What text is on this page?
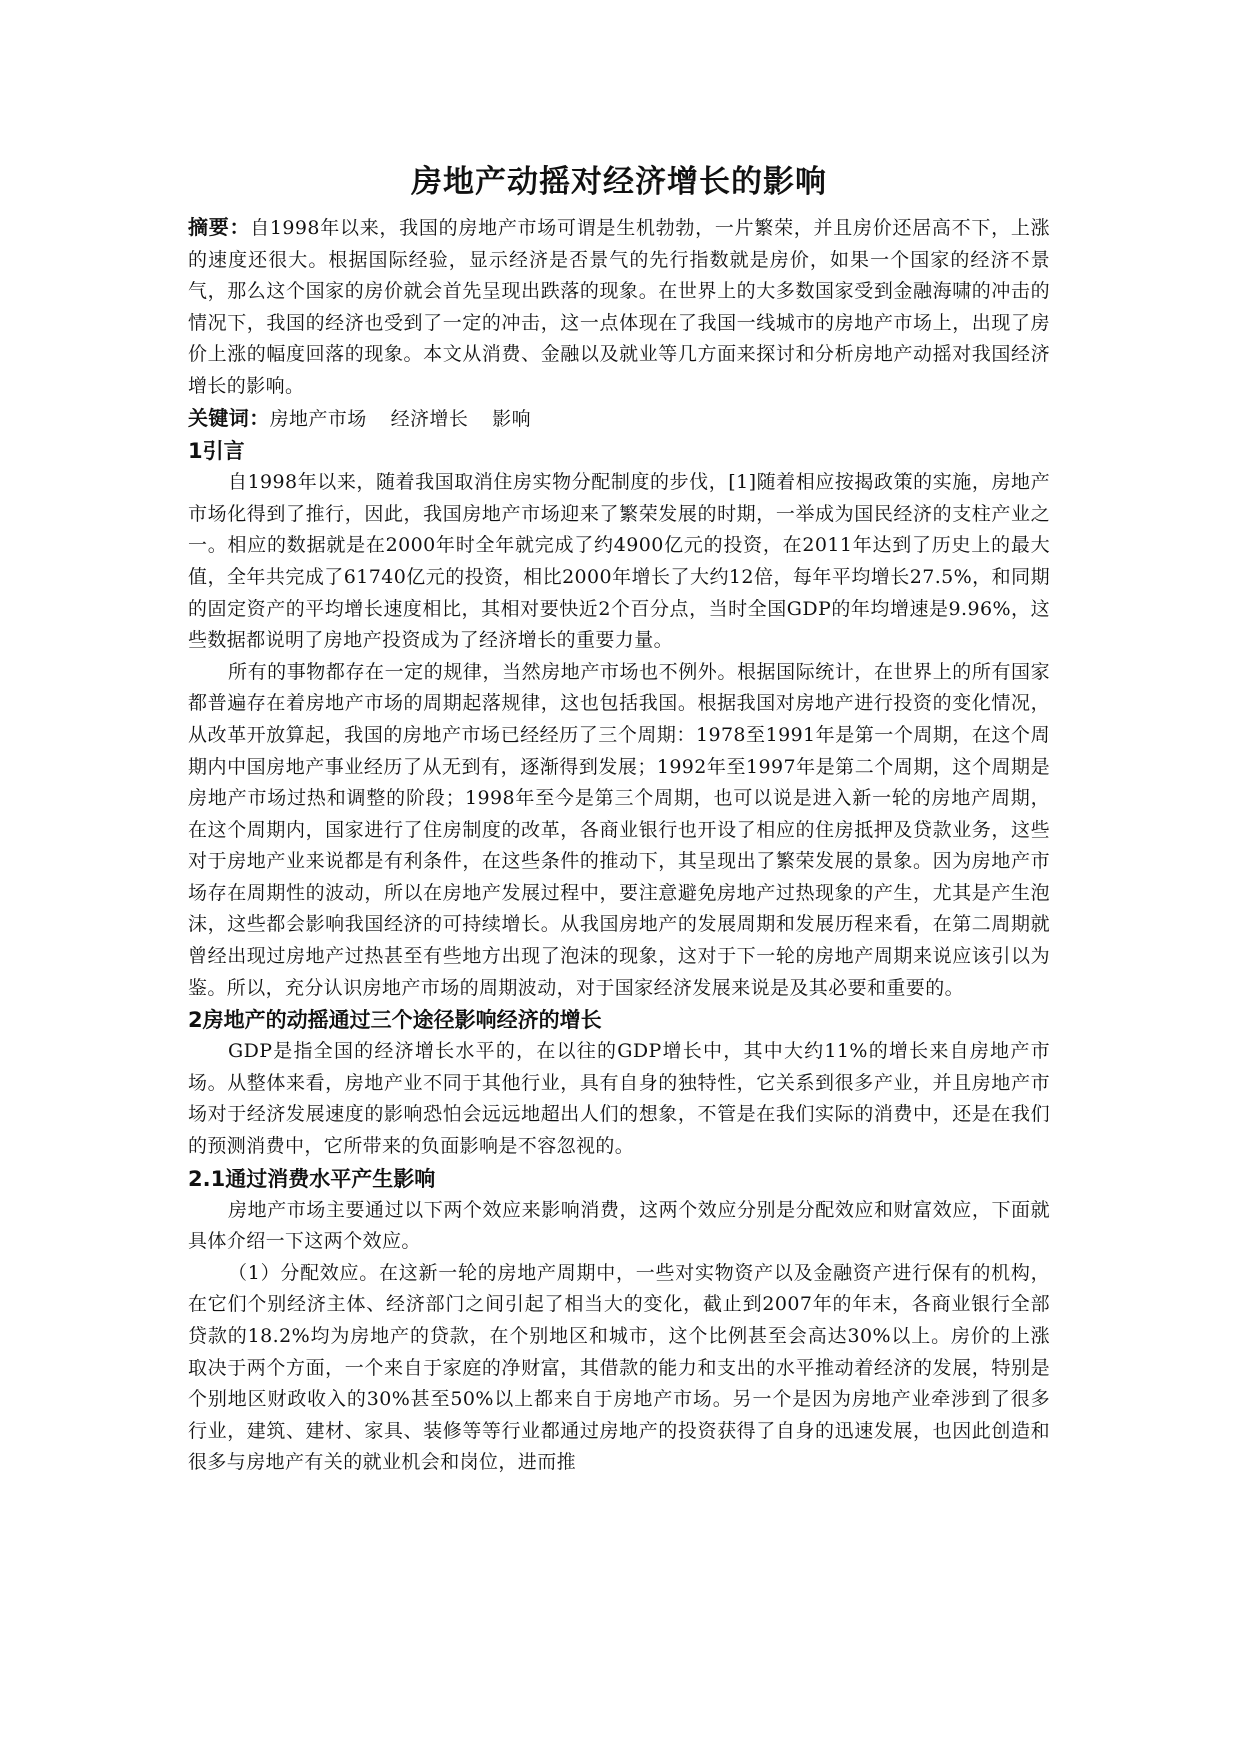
房地产动摇对经济增长的影响

摘要：自1998年以来，我国的房地产市场可谓是生机勃勃，一片繁荣，并且房价还居高不下，上涨的速度还很大。根据国际经验，显示经济是否景气的先行指数就是房价，如果一个国家的经济不景气，那么这个国家的房价就会首先呈现出跌落的现象。在世界上的大多数国家受到金融海啸的冲击的情况下，我国的经济也受到了一定的冲击，这一点体现在了我国一线城市的房地产市场上，出现了房价上涨的幅度回落的现象。本文从消费、金融以及就业等几方面来探讨和分析房地产动摇对我国经济增长的影响。

关键词：房地产市场 经济增长 影响

1引言

自1998年以来，随着我国取消住房实物分配制度的步伐，[1]随着相应按揭政策的实施，房地产市场化得到了推行，因此，我国房地产市场迎来了繁荣发展的时期，一举成为国民经济的支柱产业之一。相应的数据就是在2000年时全年就完成了约4900亿元的投资，在2011年达到了历史上的最大值，全年共完成了61740亿元的投资，相比2000年增长了大约12倍，每年平均增长27.5%，和同期的固定资产的平均增长速度相比，其相对要快近2个百分点，当时全国GDP的年均增速是9.96%，这些数据都说明了房地产投资成为了经济增长的重要力量。

所有的事物都存在一定的规律，当然房地产市场也不例外。根据国际统计，在世界上的所有国家都普遍存在着房地产市场的周期起落规律，这也包括我国。根据我国对房地产进行投资的变化情况，从改革开放算起，我国的房地产市场已经经历了三个周期：1978至1991年是第一个周期，在这个周期内中国房地产事业经历了从无到有，逐渐得到发展；1992年至1997年是第二个周期，这个周期是房地产市场过热和调整的阶段；1998年至今是第三个周期，也可以说是进入新一轮的房地产周期，在这个周期内，国家进行了住房制度的改革，各商业银行也开设了相应的住房抵押及贷款业务，这些对于房地产业来说都是有利条件，在这些条件的推动下，其呈现出了繁荣发展的景象。因为房地产市场存在周期性的波动，所以在房地产发展过程中，要注意避免房地产过热现象的产生，尤其是产生泡沫，这些都会影响我国经济的可持续增长。从我国房地产的发展周期和发展历程来看，在第二周期就曾经出现过房地产过热甚至有些地方出现了泡沫的现象，这对于下一轮的房地产周期来说应该引以为鉴。所以，充分认识房地产市场的周期波动，对于国家经济发展来说是及其必要和重要的。

2房地产的动摇通过三个途径影响经济的增长

GDP是指全国的经济增长水平的，在以往的GDP增长中，其中大约11%的增长来自房地产市场。从整体来看，房地产业不同于其他行业，具有自身的独特性，它关系到很多产业，并且房地产市场对于经济发展速度的影响恐怕会远远地超出人们的想象，不管是在我们实际的消费中，还是在我们的预测消费中，它所带来的负面影响是不容忽视的。

2.1通过消费水平产生影响

房地产市场主要通过以下两个效应来影响消费，这两个效应分别是分配效应和财富效应，下面就具体介绍一下这两个效应。

（1）分配效应。在这新一轮的房地产周期中，一些对实物资产以及金融资产进行保有的机构，在它们个别经济主体、经济部门之间引起了相当大的变化，截止到2007年的年末，各商业银行全部贷款的18.2%均为房地产的贷款，在个别地区和城市，这个比例甚至会高达30%以上。房价的上涨取决于两个方面，一个来自于家庭的净财富，其借款的能力和支出的水平推动着经济的发展，特别是个别地区财政收入的30%甚至50%以上都来自于房地产市场。另一个是因为房地产业牵涉到了很多行业，建筑、建材、家具、装修等等行业都通过房地产的投资获得了自身的迅速发展，也因此创造和很多与房地产有关的就业机会和岗位，进而推
